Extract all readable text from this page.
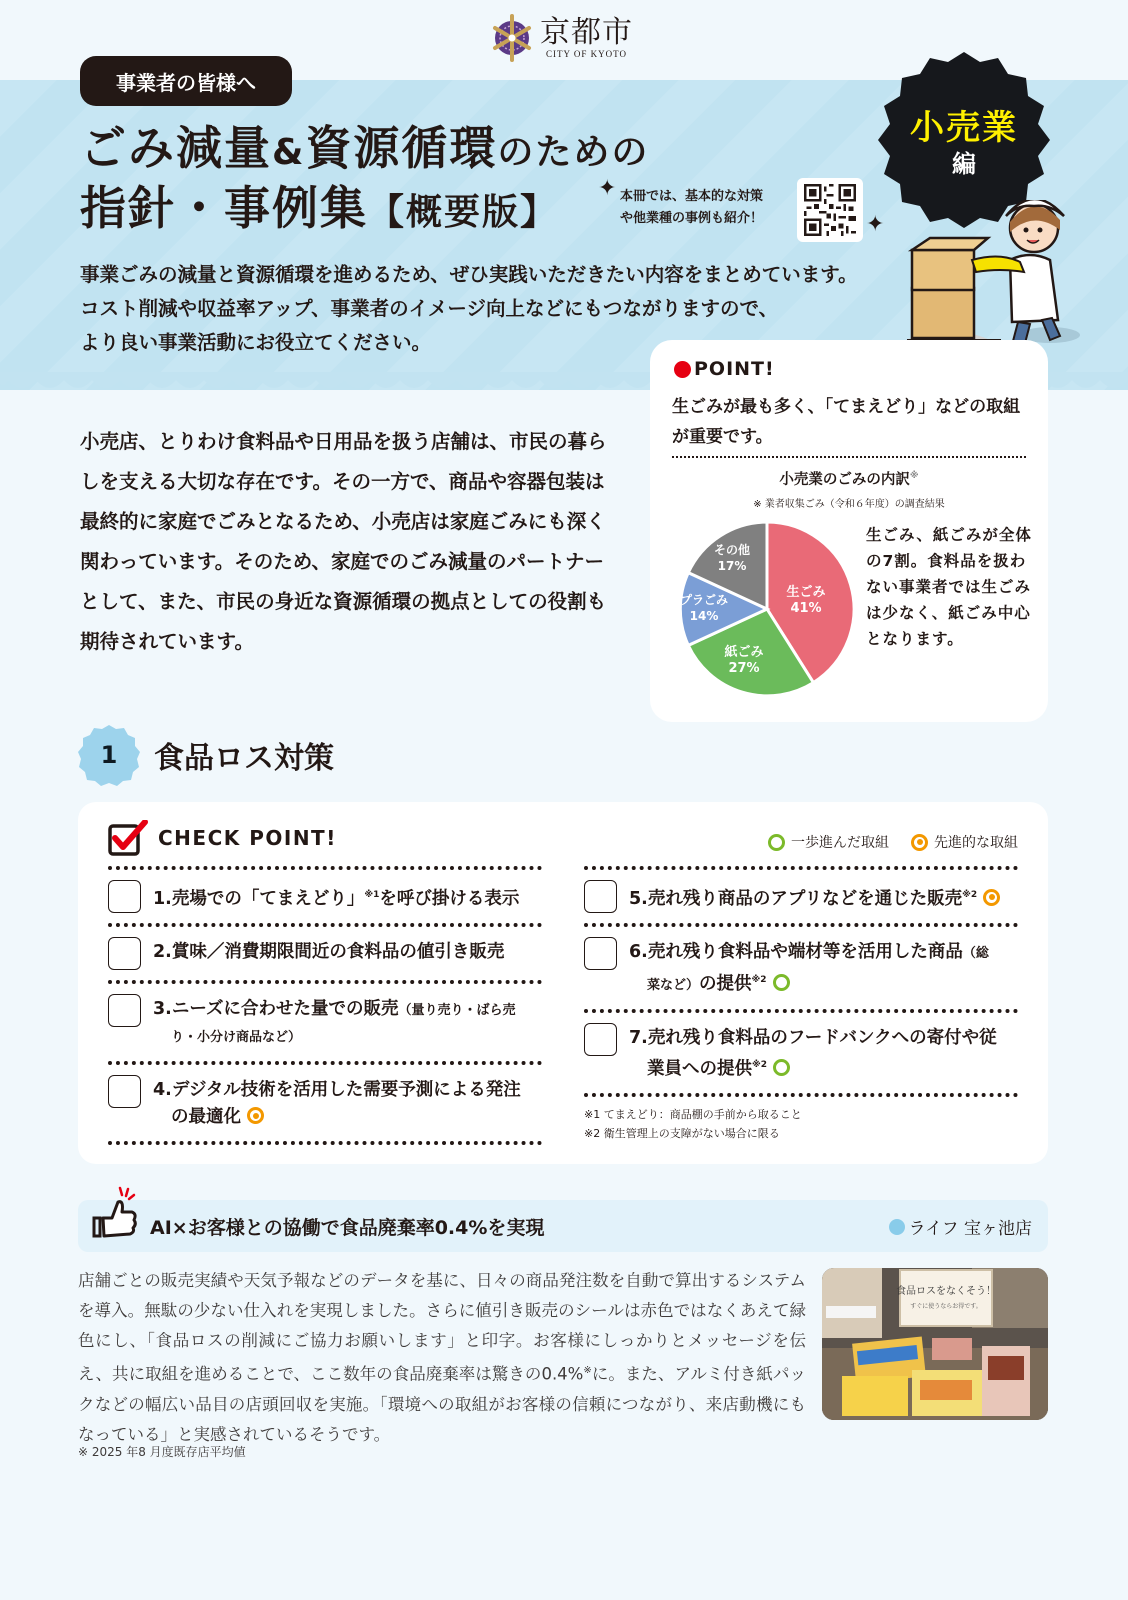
京都市
CITY OF KYOTO
事業者の皆様へ
ごみ減量&資源循環のための
指針・事例集【概要版】
✦ 本冊では、基本的な対策
や他業種の事例も紹介！	✦
小売業
編
事業ごみの減量と資源循環を進めるため、ぜひ実践いただきたい内容をまとめています。
コスト削減や収益率アップ、事業者のイメージ向上などにもつながりますので、
より良い事業活動にお役立てください。
小売店、とりわけ食料品や日用品を扱う店舗は、市民の暮らしを支える大切な存在です。その一方で、商品や容器包装は最終的に家庭でごみとなるため、小売店は家庭ごみにも深く関わっています。そのため、家庭でのごみ減量のパートナーとして、また、市民の身近な資源循環の拠点としての役割も期待されています。
POINT!
生ごみが最も多く、「てまえどり」などの取組が重要です。
小売業のごみの内訳※
※ 業者収集ごみ（令和６年度）の調査結果
生ごみ
41%
紙ごみ
27%
プラごみ
14%
その他
17%
生ごみ、紙ごみが全体の7割。食料品を扱わない事業者では生ごみは少なく、紙ごみ中心となります。
1	食品ロス対策
CHECK POINT!	一歩進んだ取組	先進的な取組
1.売場での「てまえどり」$^{※1}$を呼び掛ける表示
2.賞味／消費期限間近の食料品の値引き販売
3.ニーズに合わせた量での販売（量り売り・ばら売
り・小分け商品など）
4.デジタル技術を活用した需要予測による発注
の最適化
5.売れ残り商品のアプリなどを通じた販売$^{※2}$
6.売れ残り食料品や端材等を活用した商品（総
菜など）の提供$^{※2}$
7.売れ残り食料品のフードバンクへの寄付や従
業員への提供$^{※2}$
※1 てまえどり：商品棚の手前から取ること
※2 衛生管理上の支障がない場合に限る
AI×お客様との協働で食品廃棄率0.4%を実現	ライフ 宝ヶ池店
店舗ごとの販売実績や天気予報などのデータを基に、日々の商品発注数を自動で算出するシステムを導入。無駄の少ない仕入れを実現しました。さらに値引き販売のシールは赤色ではなくあえて緑色にし、「食品ロスの削減にご協力お願いします」と印字。お客様にしっかりとメッセージを伝え、共に取組を進めることで、ここ数年の食品廃棄率は驚きの0.4%※に。また、アルミ付き紙パックなどの幅広い品目の店頭回収を実施。「環境への取組がお客様の信頼につながり、来店動機にもなっている」と実感されているそうです。
※ 2025 年8 月度既存店平均値
食品ロスをなくそう！
すぐに使うならお得です。
